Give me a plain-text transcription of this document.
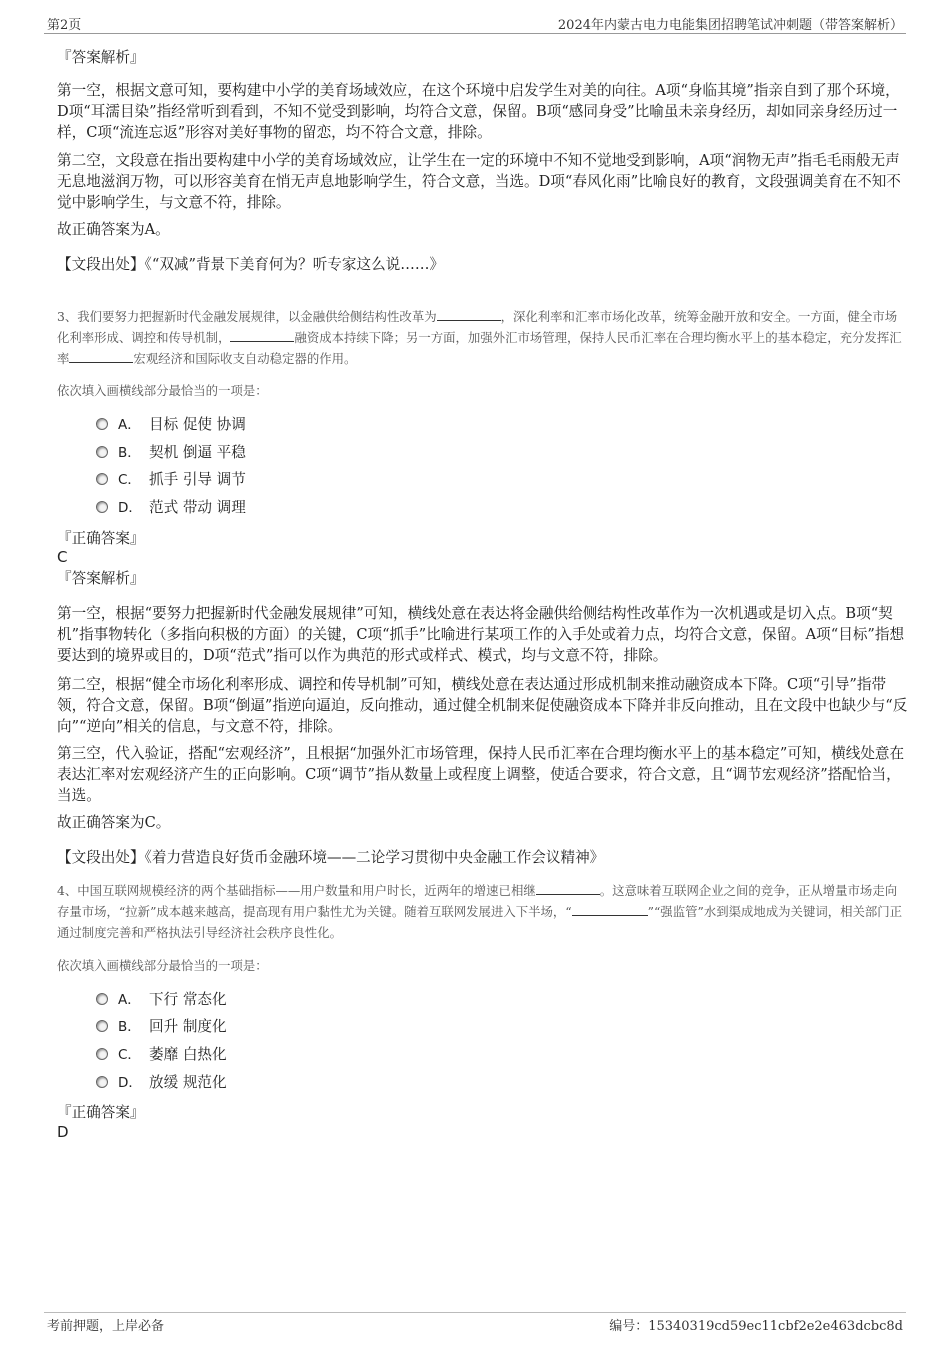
第2页	2024年内蒙古电力电能集团招聘笔试冲刺题（带答案解析）
『答案解析』
第一空，根据文意可知，要构建中小学的美育场域效应，在这个环境中启发学生对美的向往。A项“身临其境”指亲自到了那个环境，D项“耳濡目染”指经常听到看到，不知不觉受到影响，均符合文意，保留。B项“感同身受”比喻虽未亲身经历，却如同亲身经历过一样，C项“流连忘返”形容对美好事物的留恋，均不符合文意，排除。
第二空，文段意在指出要构建中小学的美育场域效应，让学生在一定的环境中不知不觉地受到影响，A项“润物无声”指毛毛雨般无声无息地滋润万物，可以形容美育在悄无声息地影响学生，符合文意，当选。D项“春风化雨”比喻良好的教育，文段强调美育在不知不觉中影响学生，与文意不符，排除。
故正确答案为A。
【文段出处】《“双减”背景下美育何为？听专家这么说……》
3、我们要努力把握新时代金融发展规律，以金融供给侧结构性改革为	，深化利率和汇率市场化改革，统筹金融开放和安全。一方面，健全市场化利率形成、调控和传导机制，	融资成本持续下降；另一方面，加强外汇市场管理，保持人民币汇率在合理均衡水平上的基本稳定，充分发挥汇率	宏观经济和国际收支自动稳定器的作用。
依次填入画横线部分最恰当的一项是：
A． 目标 促使 协调
B． 契机 倒逼 平稳
C． 抓手 引导 调节
D． 范式 带动 调理
『正确答案』
C
『答案解析』
第一空，根据“要努力把握新时代金融发展规律”可知，横线处意在表达将金融供给侧结构性改革作为一次机遇或是切入点。B项“契机”指事物转化（多指向积极的方面）的关键，C项“抓手”比喻进行某项工作的入手处或着力点，均符合文意，保留。A项“目标”指想要达到的境界或目的，D项“范式”指可以作为典范的形式或样式、模式，均与文意不符，排除。
第二空，根据“健全市场化利率形成、调控和传导机制”可知，横线处意在表达通过形成机制来推动融资成本下降。C项“引导”指带领，符合文意，保留。B项“倒逼”指逆向逼迫，反向推动，通过健全机制来促使融资成本下降并非反向推动，且在文段中也缺少与“反向”“逆向”相关的信息，与文意不符，排除。
第三空，代入验证，搭配“宏观经济”，且根据“加强外汇市场管理，保持人民币汇率在合理均衡水平上的基本稳定”可知，横线处意在表达汇率对宏观经济产生的正向影响。C项“调节”指从数量上或程度上调整，使适合要求，符合文意，且“调节宏观经济”搭配恰当，当选。
故正确答案为C。
【文段出处】《着力营造良好货币金融环境——二论学习贯彻中央金融工作会议精神》
4、中国互联网规模经济的两个基础指标——用户数量和用户时长，近两年的增速已相继	。这意味着互联网企业之间的竞争，正从增量市场走向存量市场，“拉新”成本越来越高，提高现有用户黏性尤为关键。随着互联网发展进入下半场，“	”“强监管”水到渠成地成为关键词，相关部门正通过制度完善和严格执法引导经济社会秩序良性化。
依次填入画横线部分最恰当的一项是：
A． 下行 常态化
B． 回升 制度化
C． 萎靡 白热化
D． 放缓 规范化
『正确答案』
D
考前押题，上岸必备	编号：15340319cd59ec11cbf2e2e463dcbc8d
